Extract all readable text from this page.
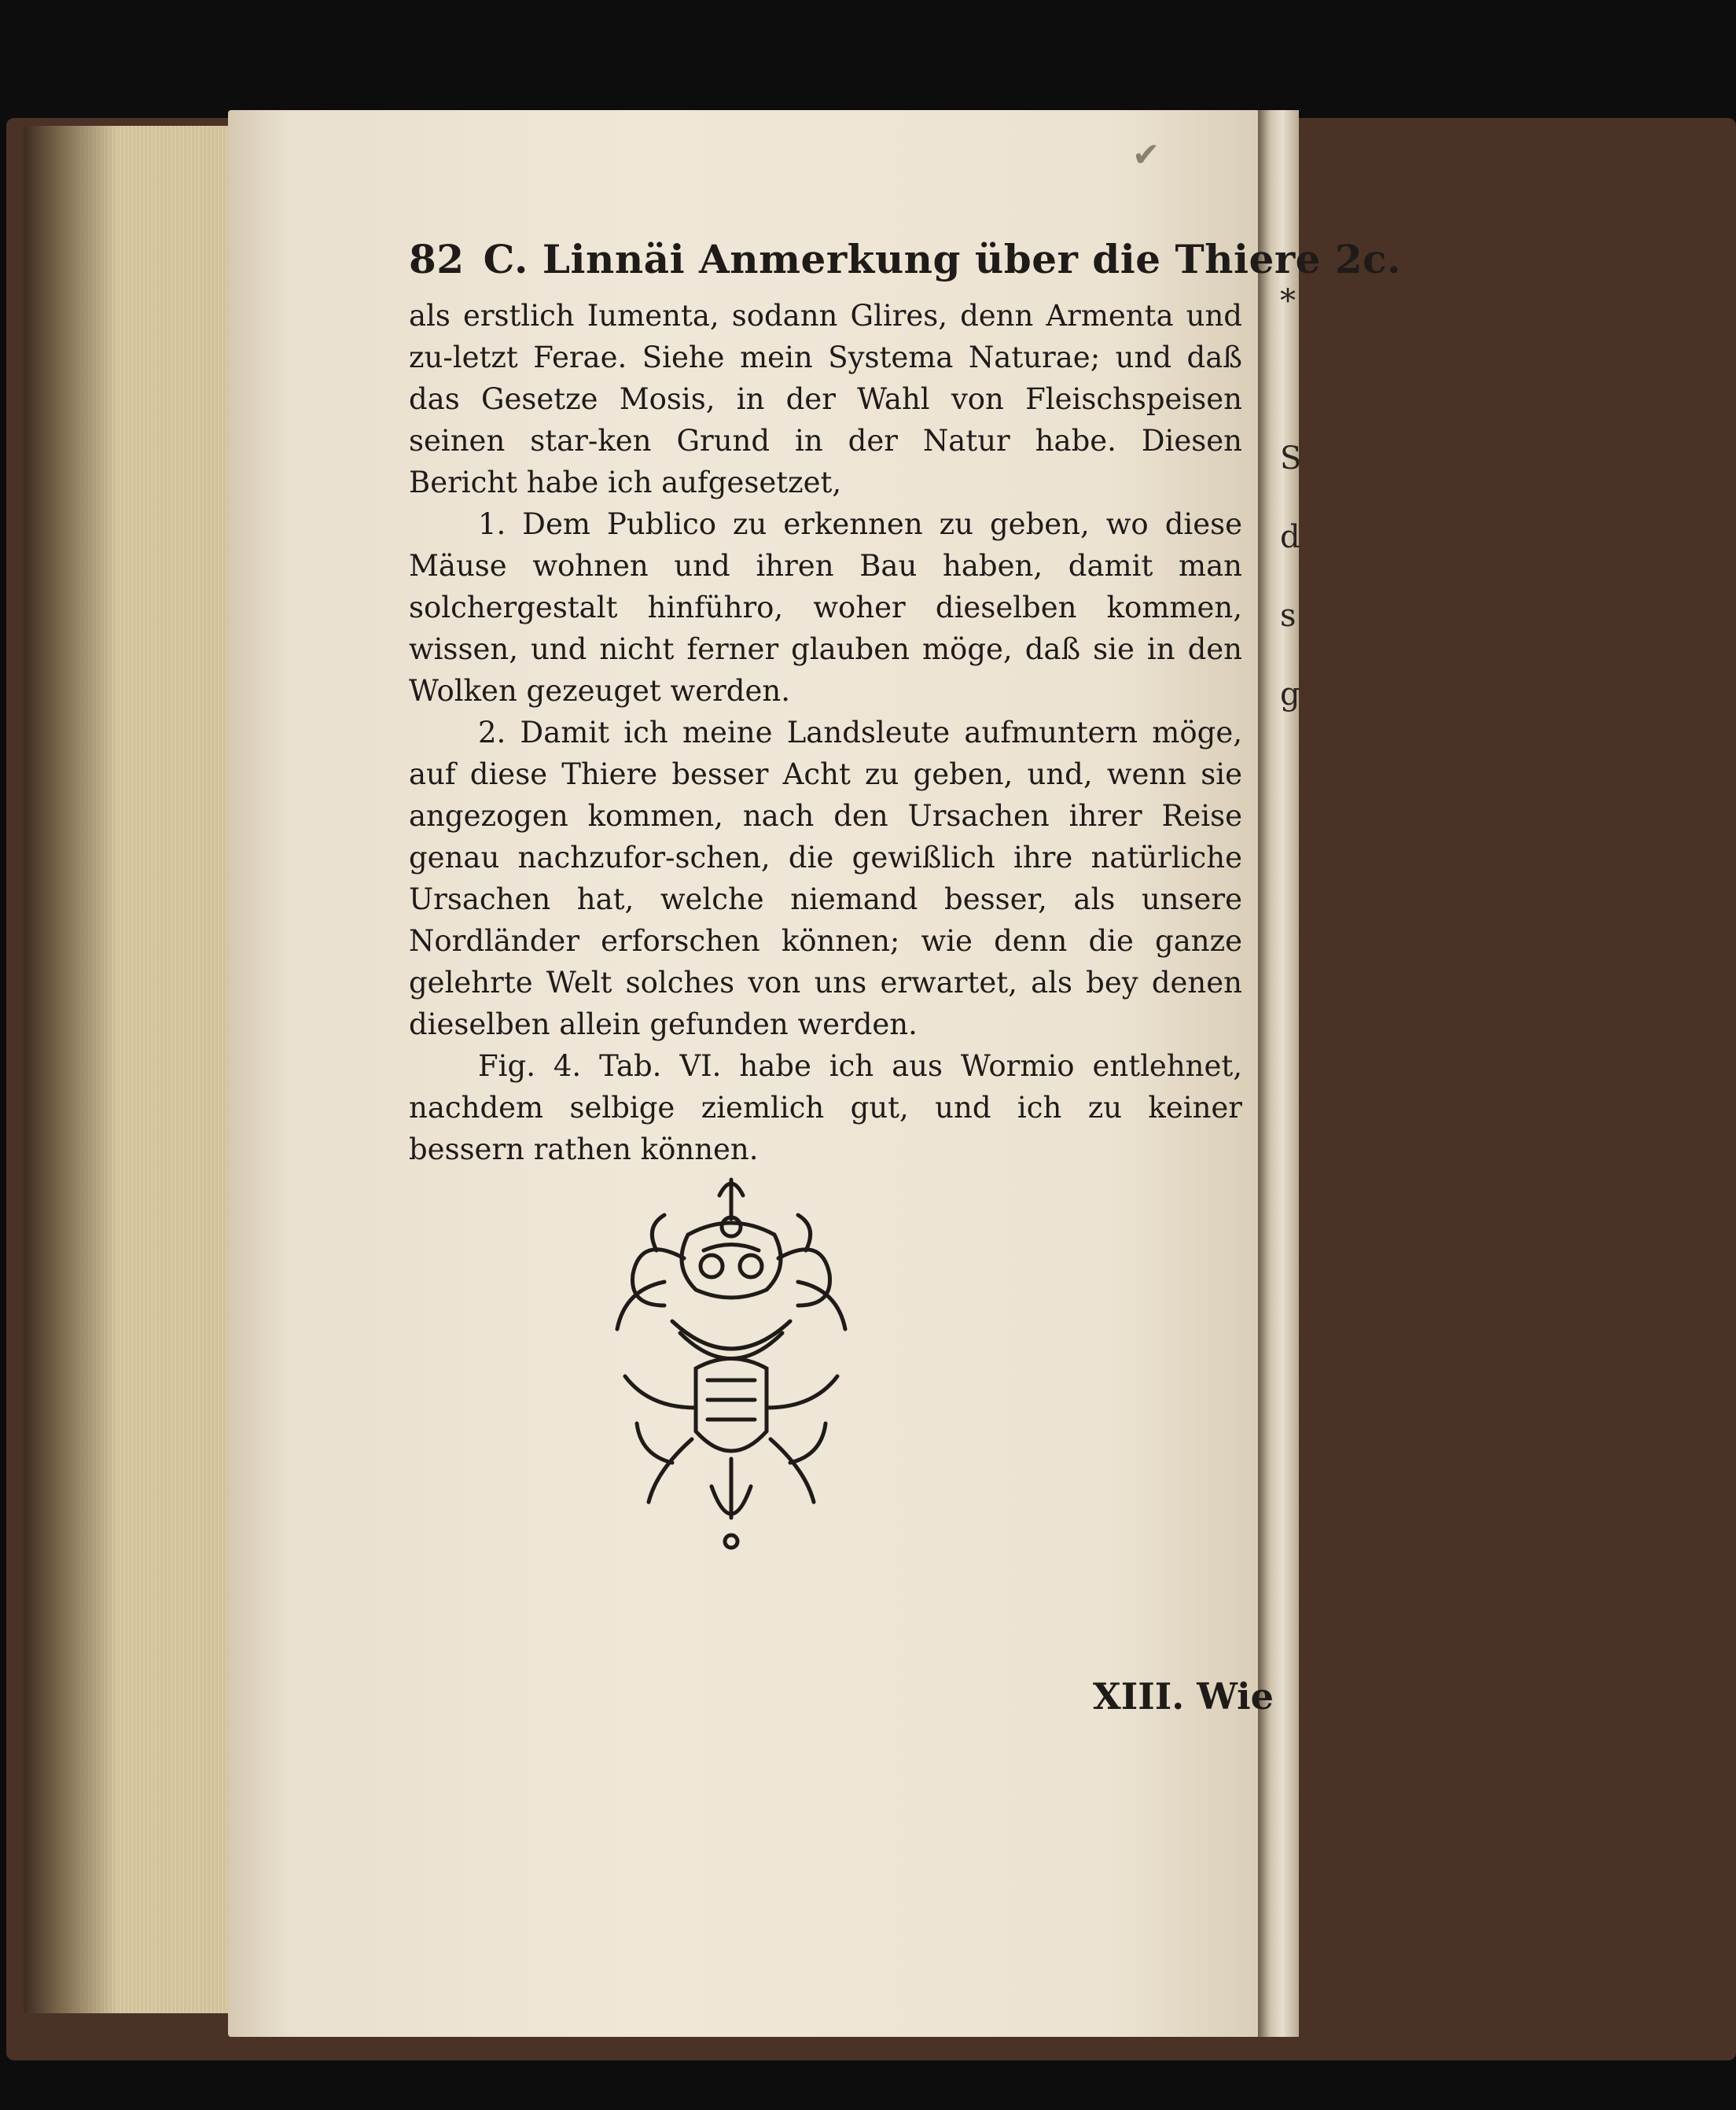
*
S
d
s
g
✔
82 C. Linnäi Anmerkung über die Thiere 2c.

als erstlich Iumenta, sodann Glires, denn Armenta und zu-letzt Ferae. Siehe mein Systema Naturae; und daß das Gesetze Mosis, in der Wahl von Fleischspeisen seinen star-ken Grund in der Natur habe. Diesen Bericht habe ich aufgesetzet,

1. Dem Publico zu erkennen zu geben, wo diese Mäuse wohnen und ihren Bau haben, damit man solchergestalt hinführo, woher dieselben kommen, wissen, und nicht ferner glauben möge, daß sie in den Wolken gezeuget werden.

2. Damit ich meine Landsleute aufmuntern möge, auf diese Thiere besser Acht zu geben, und, wenn sie angezogen kommen, nach den Ursachen ihrer Reise genau nachzufor-schen, die gewißlich ihre natürliche Ursachen hat, welche niemand besser, als unsere Nordländer erforschen können; wie denn die ganze gelehrte Welt solches von uns erwartet, als bey denen dieselben allein gefunden werden.

Fig. 4. Tab. VI. habe ich aus Wormio entlehnet, nachdem selbige ziemlich gut, und ich zu keiner bessern rathen können.

XIII. Wie
